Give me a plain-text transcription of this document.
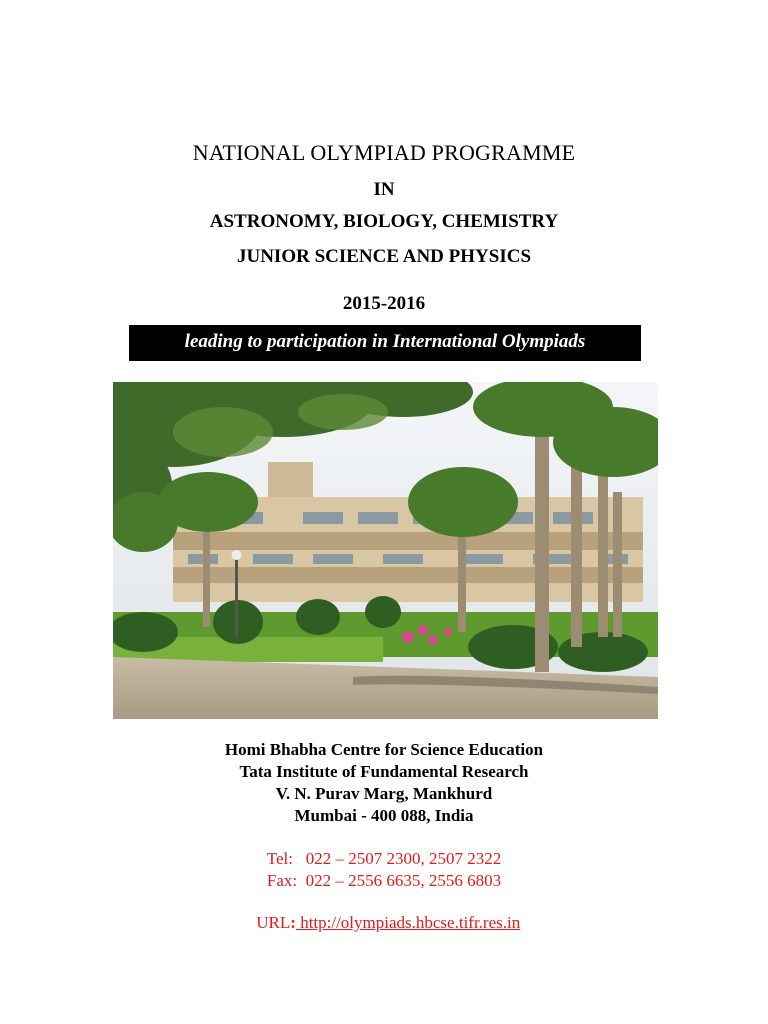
NATIONAL OLYMPIAD PROGRAMME
IN
ASTRONOMY, BIOLOGY, CHEMISTRY
JUNIOR SCIENCE AND PHYSICS
2015-2016
leading to participation in International Olympiads
Homi Bhabha Centre for Science Education
Tata Institute of Fundamental Research
V. N. Purav Marg, Mankhurd
Mumbai - 400 088, India
Tel:   022 – 2507 2300, 2507 2322
Fax:  022 – 2556 6635, 2556 6803

URL: http://olympiads.hbcse.tifr.res.in
